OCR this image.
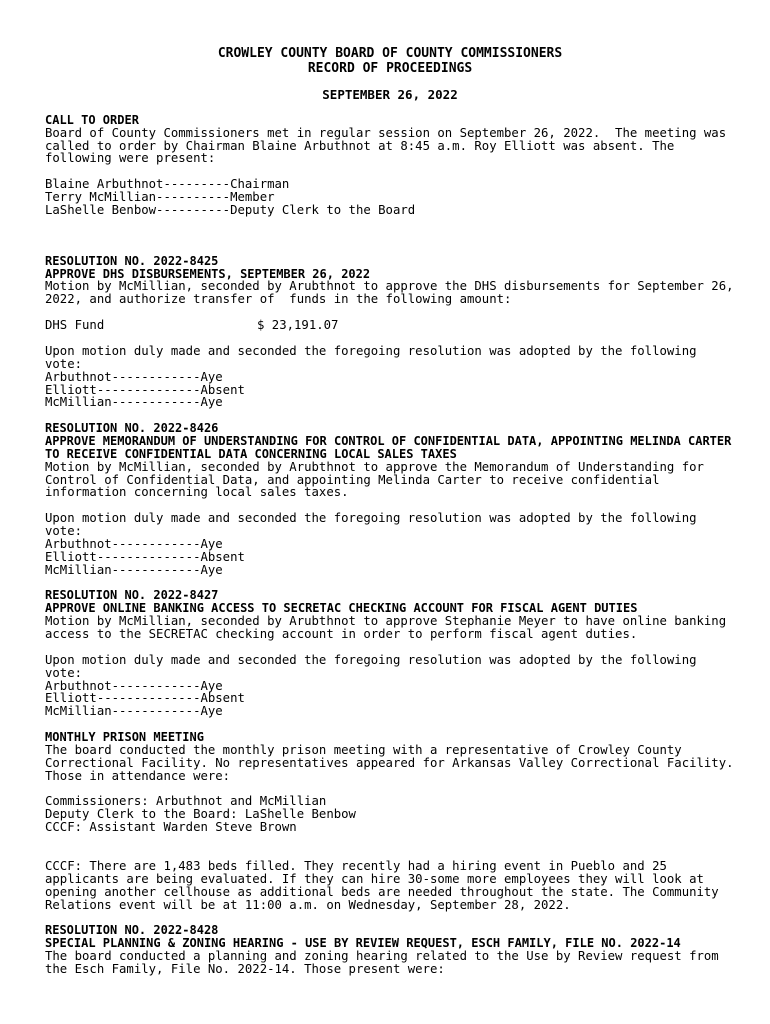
CROWLEY COUNTY BOARD OF COUNTY COMMISSIONERS
RECORD OF PROCEEDINGS
SEPTEMBER 26, 2022
CALL TO ORDER
Board of County Commissioners met in regular session on September 26, 2022.  The meeting was called to order by Chairman Blaine Arbuthnot at 8:45 a.m. Roy Elliott was absent. The following were present:
Blaine Arbuthnot---------Chairman
Terry McMillian----------Member
LaShelle Benbow----------Deputy Clerk to the Board
RESOLUTION NO. 2022-8425
APPROVE DHS DISBURSEMENTS, SEPTEMBER 26, 2022
Motion by McMillian, seconded by Arubthnot to approve the DHS disbursements for September 26, 2022, and authorize transfer of  funds in the following amount:
DHS Fund	$ 23,191.07
Upon motion duly made and seconded the foregoing resolution was adopted by the following vote:
Arbuthnot------------Aye
Elliott--------------Absent
McMillian------------Aye
RESOLUTION NO. 2022-8426
APPROVE MEMORANDUM OF UNDERSTANDING FOR CONTROL OF CONFIDENTIAL DATA, APPOINTING MELINDA CARTER TO RECEIVE CONFIDENTIAL DATA CONCERNING LOCAL SALES TAXES
Motion by McMillian, seconded by Arubthnot to approve the Memorandum of Understanding for Control of Confidential Data, and appointing Melinda Carter to receive confidential information concerning local sales taxes.
Upon motion duly made and seconded the foregoing resolution was adopted by the following vote:
Arbuthnot------------Aye
Elliott--------------Absent
McMillian------------Aye
RESOLUTION NO. 2022-8427
APPROVE ONLINE BANKING ACCESS TO SECRETAC CHECKING ACCOUNT FOR FISCAL AGENT DUTIES
Motion by McMillian, seconded by Arubthnot to approve Stephanie Meyer to have online banking access to the SECRETAC checking account in order to perform fiscal agent duties.
Upon motion duly made and seconded the foregoing resolution was adopted by the following vote:
Arbuthnot------------Aye
Elliott--------------Absent
McMillian------------Aye
MONTHLY PRISON MEETING
The board conducted the monthly prison meeting with a representative of Crowley County Correctional Facility. No representatives appeared for Arkansas Valley Correctional Facility.  Those in attendance were:
Commissioners: Arbuthnot and McMillian
Deputy Clerk to the Board: LaShelle Benbow
CCCF: Assistant Warden Steve Brown
CCCF: There are 1,483 beds filled. They recently had a hiring event in Pueblo and 25 applicants are being evaluated. If they can hire 30-some more employees they will look at opening another cellhouse as additional beds are needed throughout the state. The Community Relations event will be at 11:00 a.m. on Wednesday, September 28, 2022.
RESOLUTION NO. 2022-8428
SPECIAL PLANNING & ZONING HEARING - USE BY REVIEW REQUEST, ESCH FAMILY, FILE NO. 2022-14
The board conducted a planning and zoning hearing related to the Use by Review request from the Esch Family, File No. 2022-14. Those present were:
